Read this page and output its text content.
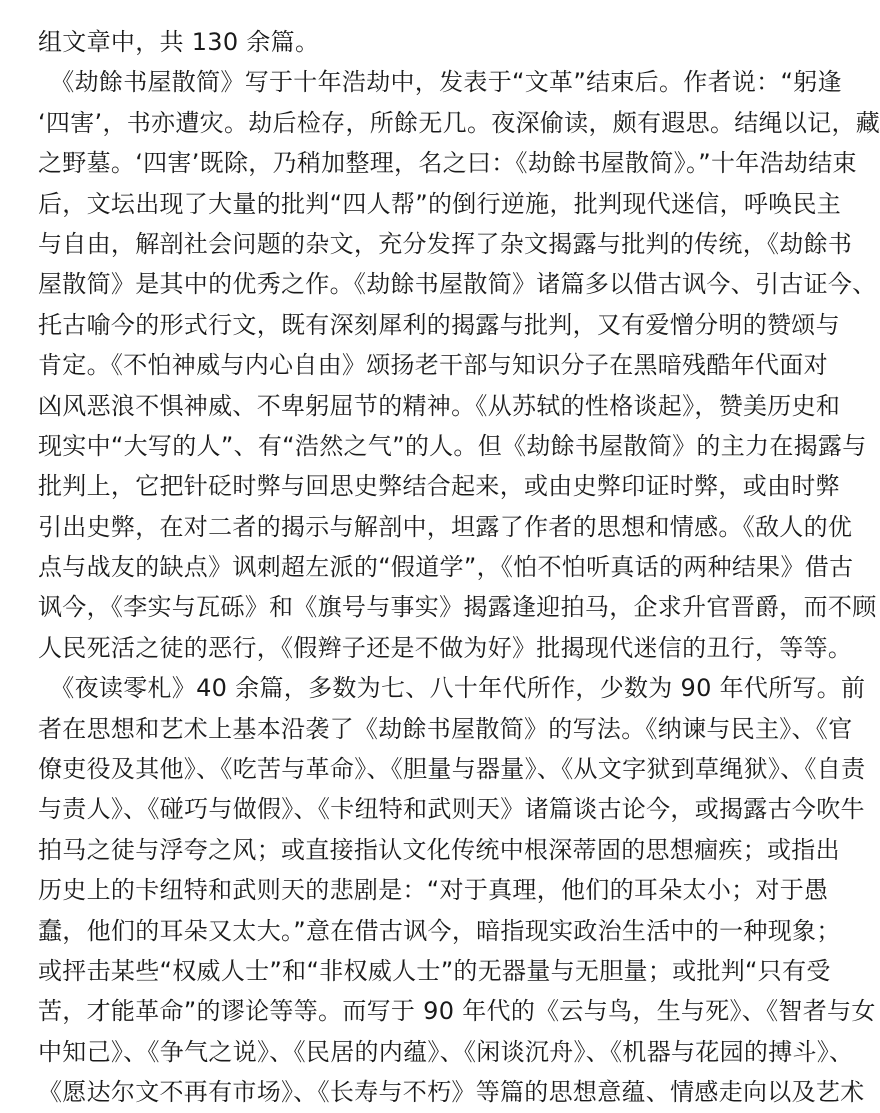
组文章中，共 130 余篇。
　《劫餘书屋散简》写于十年浩劫中，发表于“文革”结束后。作者说：“躬逢
‘四害’，书亦遭灾。劫后检存，所餘无几。夜深偷读，颇有遐思。结绳以记，藏
之野墓。‘四害’既除，乃稍加整理，名之曰：《劫餘书屋散简》。”十年浩劫结束
后，文坛出现了大量的批判“四人帮”的倒行逆施，批判现代迷信，呼唤民主
与自由，解剖社会问题的杂文，充分发挥了杂文揭露与批判的传统，《劫餘书
屋散简》是其中的优秀之作。《劫餘书屋散简》诸篇多以借古讽今、引古证今、
托古喻今的形式行文，既有深刻犀利的揭露与批判，又有爱憎分明的赞颂与
肯定。《不怕神威与内心自由》颂扬老干部与知识分子在黑暗残酷年代面对
凶风恶浪不惧神威、不卑躬屈节的精神。《从苏轼的性格谈起》，赞美历史和
现实中“大写的人”、有“浩然之气”的人。但《劫餘书屋散简》的主力在揭露与
批判上，它把针砭时弊与回思史弊结合起来，或由史弊印证时弊，或由时弊
引出史弊，在对二者的揭示与解剖中，坦露了作者的思想和情感。《敌人的优
点与战友的缺点》讽刺超左派的“假道学”，《怕不怕听真话的两种结果》借古
讽今，《李实与瓦砾》和《旗号与事实》揭露逢迎拍马，企求升官晋爵，而不顾
人民死活之徒的恶行，《假辫子还是不做为好》批揭现代迷信的丑行，等等。
　《夜读零札》40 余篇，多数为七、八十年代所作，少数为 90 年代所写。前
者在思想和艺术上基本沿袭了《劫餘书屋散简》的写法。《纳谏与民主》、《官
僚吏役及其他》、《吃苦与革命》、《胆量与器量》、《从文字狱到草绳狱》、《自责
与责人》、《碰巧与做假》、《卡纽特和武则天》诸篇谈古论今，或揭露古今吹牛
拍马之徒与浮夸之风；或直接指认文化传统中根深蒂固的思想痼疾；或指出
历史上的卡纽特和武则天的悲剧是：“对于真理，他们的耳朵太小；对于愚
蠢，他们的耳朵又太大。”意在借古讽今，暗指现实政治生活中的一种现象；
或抨击某些“权威人士”和“非权威人士”的无器量与无胆量；或批判“只有受
苦，才能革命”的谬论等等。而写于 90 年代的《云与鸟，生与死》、《智者与女
中知己》、《争气之说》、《民居的内蕴》、《闲谈沉舟》、《机器与花园的搏斗》、
《愿达尔文不再有市场》、《长寿与不朽》等篇的思想意蕴、情感走向以及艺术
